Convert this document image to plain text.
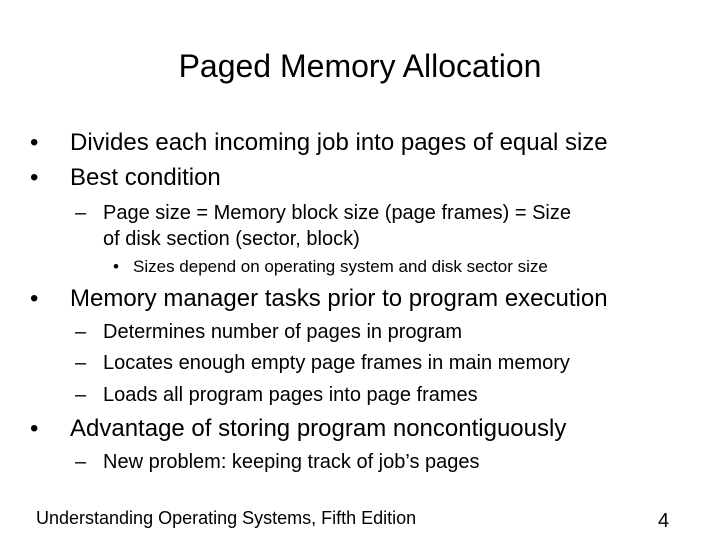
Paged Memory Allocation
• Divides each incoming job into pages of equal size
• Best condition
– Page size = Memory block size (page frames) = Size
of disk section (sector, block)
• Sizes depend on operating system and disk sector size
• Memory manager tasks prior to program execution
– Determines number of pages in program
– Locates enough empty page frames in main memory
– Loads all program pages into page frames
• Advantage of storing program noncontiguously
– New problem: keeping track of job’s pages
Understanding Operating Systems, Fifth Edition	4
